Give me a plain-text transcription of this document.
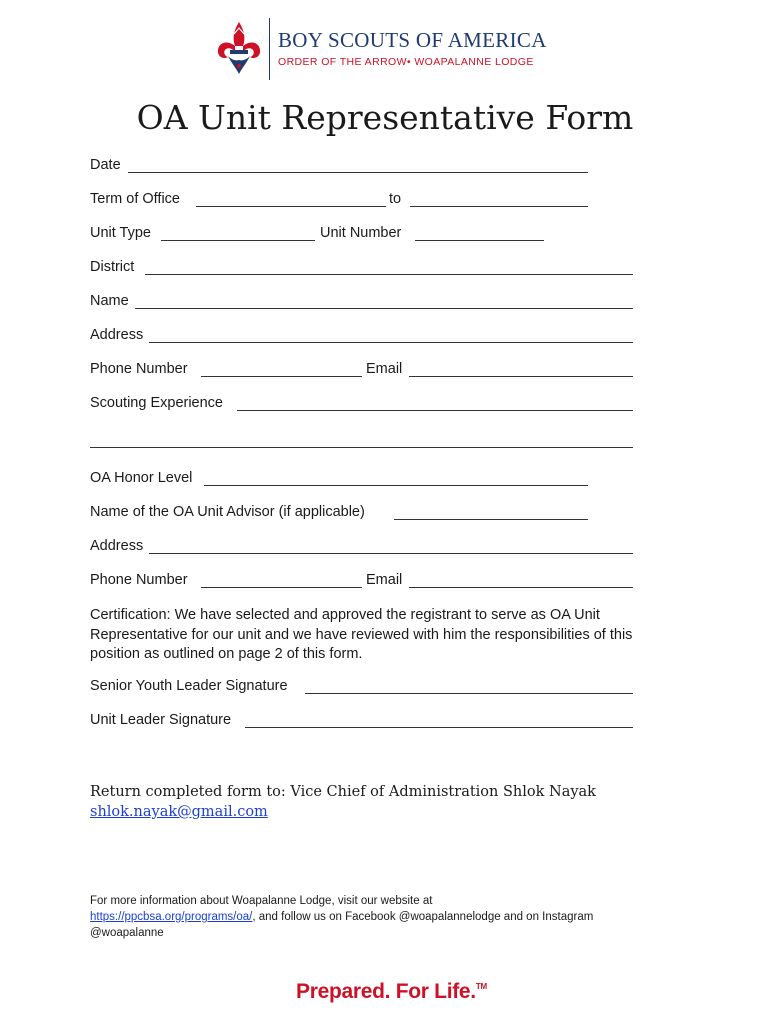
BOY SCOUTS OF AMERICA
ORDER OF THE ARROW• WOAPALANNE LODGE
OA Unit Representative Form
Date
Term of Office	to
Unit Type	Unit Number
District
Name
Address
Phone Number	Email
Scouting Experience
OA Honor Level
Name of the OA Unit Advisor (if applicable)
Address
Phone Number	Email
Certification: We have selected and approved the registrant to serve as OA Unit Representative for our unit and we have reviewed with him the responsibilities of this position as outlined on page 2 of this form.
Senior Youth Leader Signature
Unit Leader Signature
Return completed form to: Vice Chief of Administration Shlok Nayak
shlok.nayak@gmail.com
For more information about Woapalanne Lodge, visit our website at
https://ppcbsa.org/programs/oa/, and follow us on Facebook @woapalannelodge and on Instagram @woapalanne
Prepared. For Life.™
